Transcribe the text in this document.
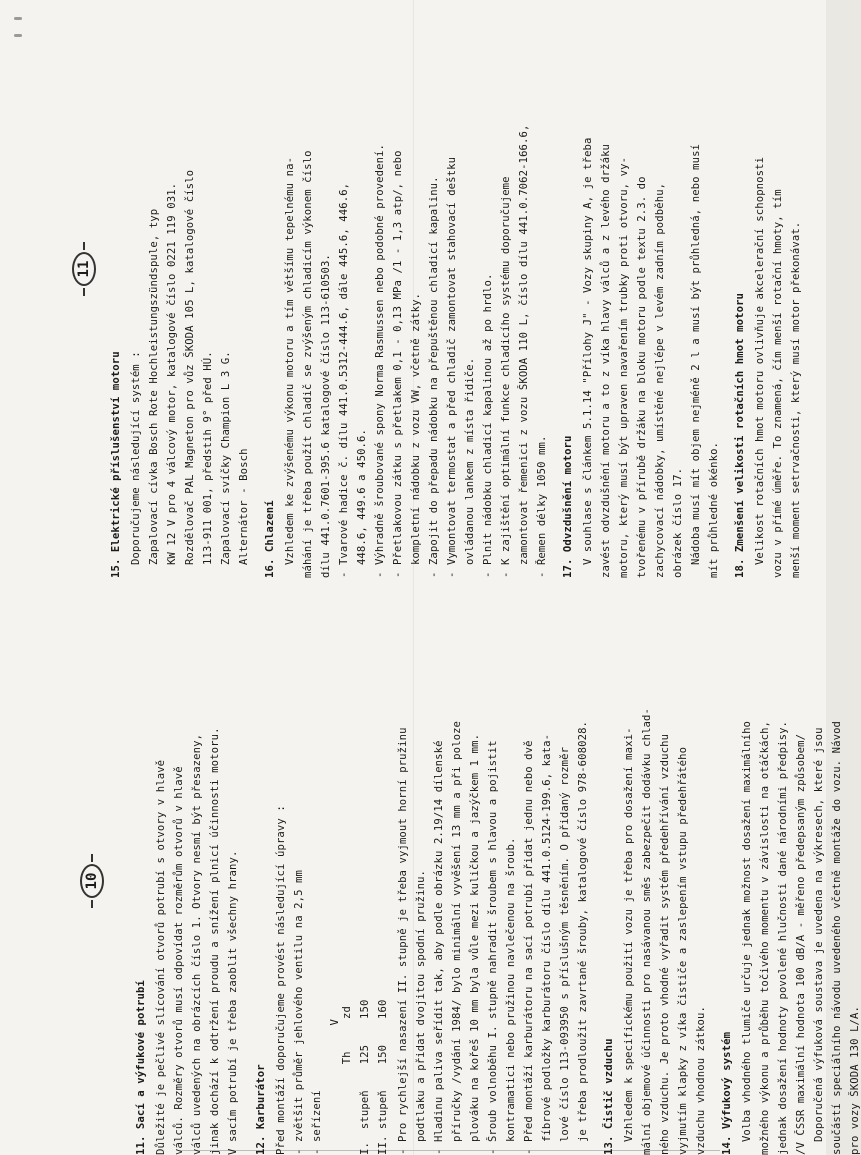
10
11. Sací a výfukové potrubí Důležité je pečlivé slícování otvorů potrubí s otvory v hlavě válců. Rozměry otvorů musí odpovídat rozměrům otvorů v hlavě válců uvedených na obrázcích číslo 1. Otvory nesmí být přesazeny, jinak dochází k odtržení proudu a snížení plnicí účinnosti motoru. V sacím potrubí je třeba zaoblit všechny hrany. 12. Karburátor Před montáží doporučujeme provést následující úpravy : - zvětšit průměr jehlového ventilu na 2,5 mm - seřízení V Th     zd I.  stupeň    125    150 II. stupeň    150    160 - Pro rychlejší nasazení II. stupně je třeba vyjmout horní pružinu podtlaku a přidat dvojitou spodní pružinu. - Hladinu paliva seřídit tak, aby podle obrázku 2.19/14 dílenské příručky /vydání 1984/ bylo minimální vyvěšení 13 mm a při poloze plováku na kořeš 10 mm byla vůle mezi kuličkou a jazýčkem 1 mm. - Šroub volnoběhu I. stupně nahradit šroubem s hlavou a pojistit kontramatici nebo pružinou navlečenou na šroub. - Před montáží karburátoru na sací potrubí přidat jednu nebo dvě fíbrové podložky karburátoru číslo dílu 441.0.5124-199.6, kata- lové číslo 113-093950 s příslušným těsněním. O přidaný rozměr je třeba prodloužit zavrtané šrouby, katalogové číslo 978-608028. 13. Čistič vzduchu Vzhledem k specifickému použití vozu je třeba pro dosažení maxi- mální objemové účinnosti pro nasávanou směs zabezpečit dodávku chlad- ného vzduchu. Je proto vhodné vyřadit systém předehřívání vzduchu vyjmutím klapky z víka čističe a zaslepením vstupu předehřátého vzduchu vhodnou zátkou. 14. Výfukový systém Volba vhodného tlumiče určuje jednak možnost dosažení maximálního možného výkonu a průběhu točivého momentu v závislosti na otáčkách, jednak dosažení hodnoty povolené hlučnosti dané národními předpisy. /V ČSSR maximální hodnota 100 dB/A - měřeno předepsaným způsobem/ Doporučená výfuková soustava je uvedena na výkresech, které jsou součástí speciálního návodu uvedeného včetně montáže do vozu. Návod pro vozy ŠKODA 130 L/A.
11
15. Elektrické příslušenství motoru Doporučujeme následující systém : Zapalovací cívka Bosch Rote Hochleistungszündspule, typ KW 12 V pro 4 válcový motor, katalogové číslo 0221 119 031. Rozdělovač PAL Magneton pro vůz ŠKODA 105 L, katalogové číslo 113-911 001, předstih 9° před HÚ. Zapalovací svíčky Champion L 3 G. Alternátor - Bosch 16. Chlazení Vzhledem ke zvýšenému výkonu motoru a tím většímu tepelnému na- máhání je třeba použít chladič se zvýšeným chladicím výkonem číslo dílu 441.0.7601-395.6 katalogové číslo 113-610503. - Tvarové hadice č. dílu 441.0.5312-444.6, dále 445.6, 446.6, 448.6, 449.6 a 450.6. - Výhradně šroubované spony Norma Rasmussen nebo podobné provedení. - Přetlakovou zátku s přetlakem 0,1 - 0,13 MPa /1 - 1,3 atp/, nebo kompletní nádobku z vozu VW, včetně zátky. - Zapojit do přepadu nádobku na přepuštěnou chladicí kapalinu. - Vymontovat termostat a před chladič zamontovat stahovací deštku ovládanou lankem z místa řidiče. - Plnit nádobku chladicí kapalinou až po hrdlo. - K zajištění optimální funkce chladicího systému doporučujeme zamontovat řemenici z vozu ŠKODA 110 L, číslo dílu 441.0.7062-166.6, - Řemen délky 1050 mm. 17. Odvzdušnění motoru V souhlase s článkem 5.1.14 "Přílohy J" - Vozy skupiny A, je třeba zavést odvzdušnění motoru a to z víka hlavy válců a z levého držáku motoru, který musí být upraven navařením trubky proti otvoru, vy- tvořenému v přírubě držáku na bloku motoru podle textu 2.3. do zachycovací nádobky, umístěné nejlépe v levém zadním podběhu, obrázek číslo 17. Nádoba musí mít objem nejméně 2 l a musí být průhledná, nebo musí mít průhledné okénko. 18. Zmenšení velikosti rotačních hmot motoru Velikost rotačních hmot motoru ovlivňuje akcelerační schopnosti vozu v přímé úměře. To znamená, čím menší rotační hmoty, tím menší moment setrvačnosti, který musí motor překonávat.
